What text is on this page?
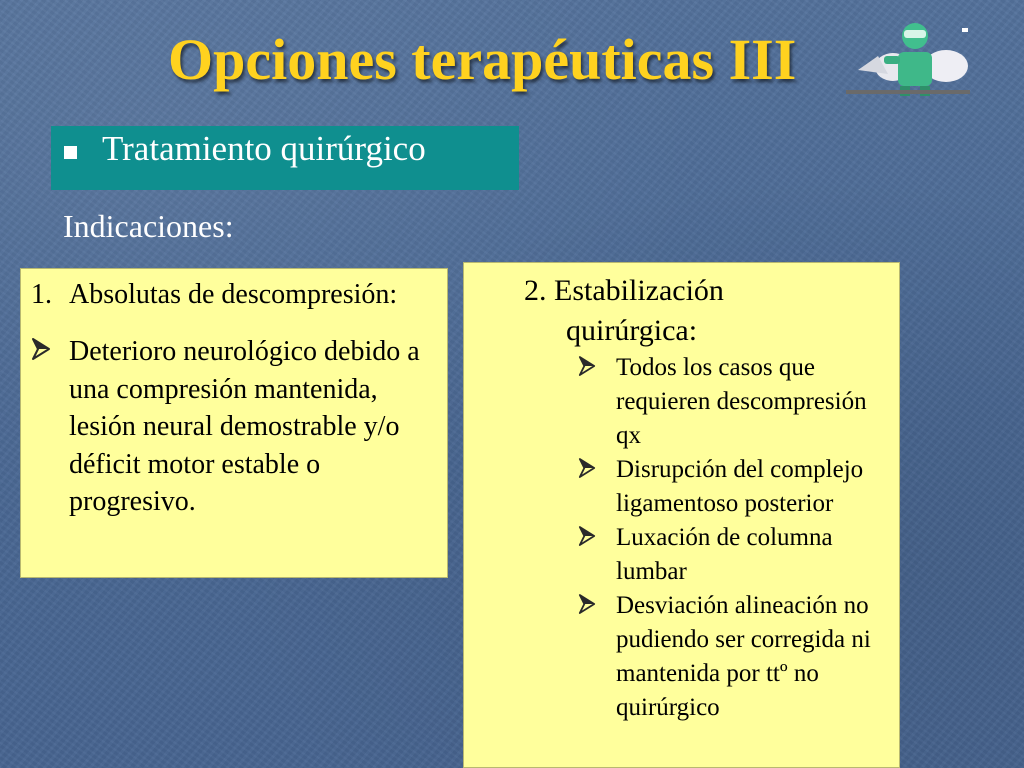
Opciones terapéuticas III
Tratamiento quirúrgico
Indicaciones:
1. Absolutas de descompresión:
Deterioro neurológico debido a una compresión mantenida, lesión neural demostrable y/o déficit motor estable o progresivo.
2. Estabilización
quirúrgica:
Todos los casos que requieren descompresión qx
Disrupción del complejo ligamentoso posterior
Luxación de columna lumbar
Desviación alineación no pudiendo ser corregida ni mantenida por ttº no quirúrgico
